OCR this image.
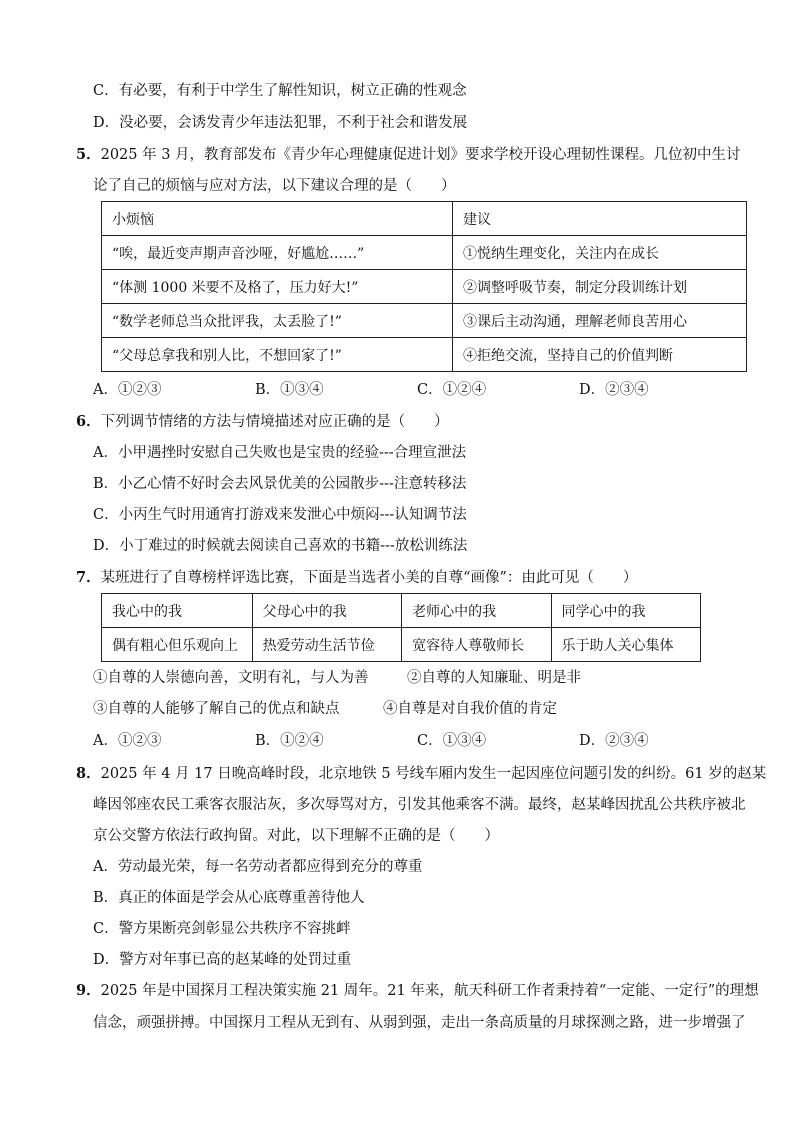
C．有必要，有利于中学生了解性知识，树立正确的性观念
D．没必要，会诱发青少年违法犯罪，不利于社会和谐发展
5．2025 年 3 月，教育部发布《青少年心理健康促进计划》要求学校开设心理韧性课程。几位初中生讨
论了自己的烦恼与应对方法，以下建议合理的是（　　）
小烦恼	建议
“唉，最近变声期声音沙哑，好尴尬……”	①悦纳生理变化，关注内在成长
“体测 1000 米要不及格了，压力好大!”	②调整呼吸节奏，制定分段训练计划
“数学老师总当众批评我，太丢脸了!”	③课后主动沟通，理解老师良苦用心
“父母总拿我和别人比，不想回家了!”	④拒绝交流，坚持自己的价值判断
A．①②③	B．①③④	C．①②④	D．②③④
6．下列调节情绪的方法与情境描述对应正确的是（　　）
A．小甲遇挫时安慰自己失败也是宝贵的经验---合理宣泄法
B．小乙心情不好时会去风景优美的公园散步---注意转移法
C．小丙生气时用通宵打游戏来发泄心中烦闷---认知调节法
D．小丁难过的时候就去阅读自己喜欢的书籍---放松训练法
7．某班进行了自尊榜样评选比赛，下面是当选者小美的自尊“画像”：由此可见（　　）
我心中的我	父母心中的我	老师心中的我	同学心中的我
偶有粗心但乐观向上	热爱劳动生活节俭	宽容待人尊敬师长	乐于助人关心集体
①自尊的人崇德向善，文明有礼，与人为善	②自尊的人知廉耻、明是非
③自尊的人能够了解自己的优点和缺点	④自尊是对自我价值的肯定
A．①②③	B．①②④	C．①③④	D．②③④
8．2025 年 4 月 17 日晚高峰时段，北京地铁 5 号线车厢内发生一起因座位问题引发的纠纷。61 岁的赵某
峰因邻座农民工乘客衣服沾灰，多次辱骂对方，引发其他乘客不满。最终，赵某峰因扰乱公共秩序被北
京公交警方依法行政拘留。对此，以下理解不正确的是（　　）
A．劳动最光荣，每一名劳动者都应得到充分的尊重
B．真正的体面是学会从心底尊重善待他人
C．警方果断亮剑彰显公共秩序不容挑衅
D．警方对年事已高的赵某峰的处罚过重
9．2025 年是中国探月工程决策实施 21 周年。21 年来，航天科研工作者秉持着“一定能、一定行”的理想
信念，顽强拼搏。中国探月工程从无到有、从弱到强，走出一条高质量的月球探测之路，进一步增强了
